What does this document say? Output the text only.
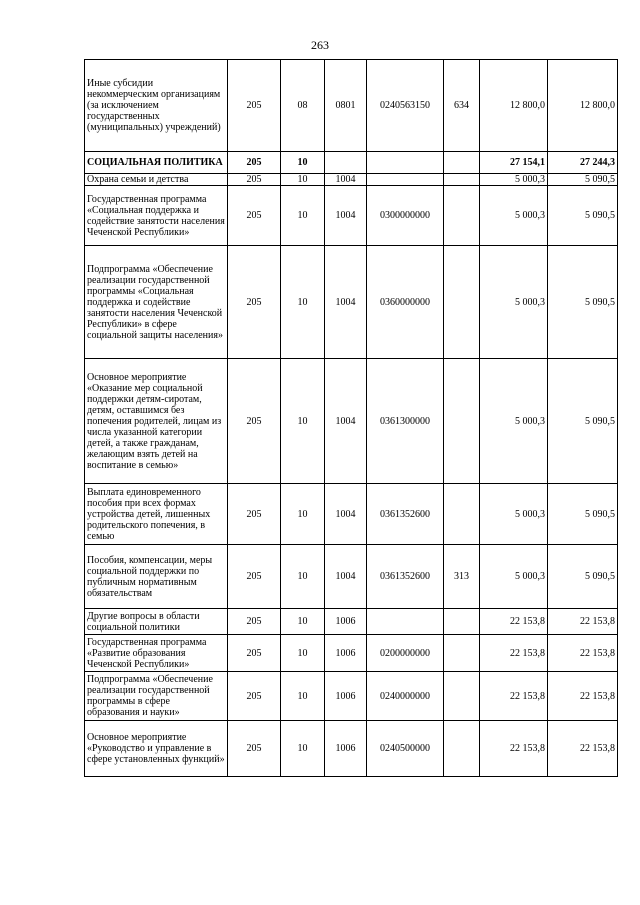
263
Иные субсидии некоммерческим организациям (за исключением государственных (муниципальных) учреждений)	205	08	0801	0240563150	634	12 800,0	12 800,0
СОЦИАЛЬНАЯ ПОЛИТИКА	205	10				27 154,1	27 244,3
Охрана семьи и детства	205	10	1004			5 000,3	5 090,5
Государственная программа «Социальная поддержка и содействие занятости населения Чеченской Республики»	205	10	1004	0300000000		5 000,3	5 090,5
Подпрограмма «Обеспечение реализации государственной программы «Социальная поддержка и содействие занятости населения Чеченской Республики» в сфере социальной защиты населения»	205	10	1004	0360000000		5 000,3	5 090,5
Основное мероприятие «Оказание мер социальной поддержки детям-сиротам, детям, оставшимся без попечения родителей, лицам из числа указанной категории детей, а также гражданам, желающим взять детей на воспитание в семью»	205	10	1004	0361300000		5 000,3	5 090,5
Выплата единовременного пособия при всех формах устройства детей, лишенных родительского попечения, в семью	205	10	1004	0361352600		5 000,3	5 090,5
Пособия, компенсации, меры социальной поддержки по публичным нормативным обязательствам	205	10	1004	0361352600	313	5 000,3	5 090,5
Другие вопросы в области социальной политики	205	10	1006			22 153,8	22 153,8
Государственная программа «Развитие образования Чеченской Республики»	205	10	1006	0200000000		22 153,8	22 153,8
Подпрограмма «Обеспечение реализации государственной программы в сфере образования и науки»	205	10	1006	0240000000		22 153,8	22 153,8
Основное мероприятие «Руководство и управление в сфере установленных функций»	205	10	1006	0240500000		22 153,8	22 153,8
